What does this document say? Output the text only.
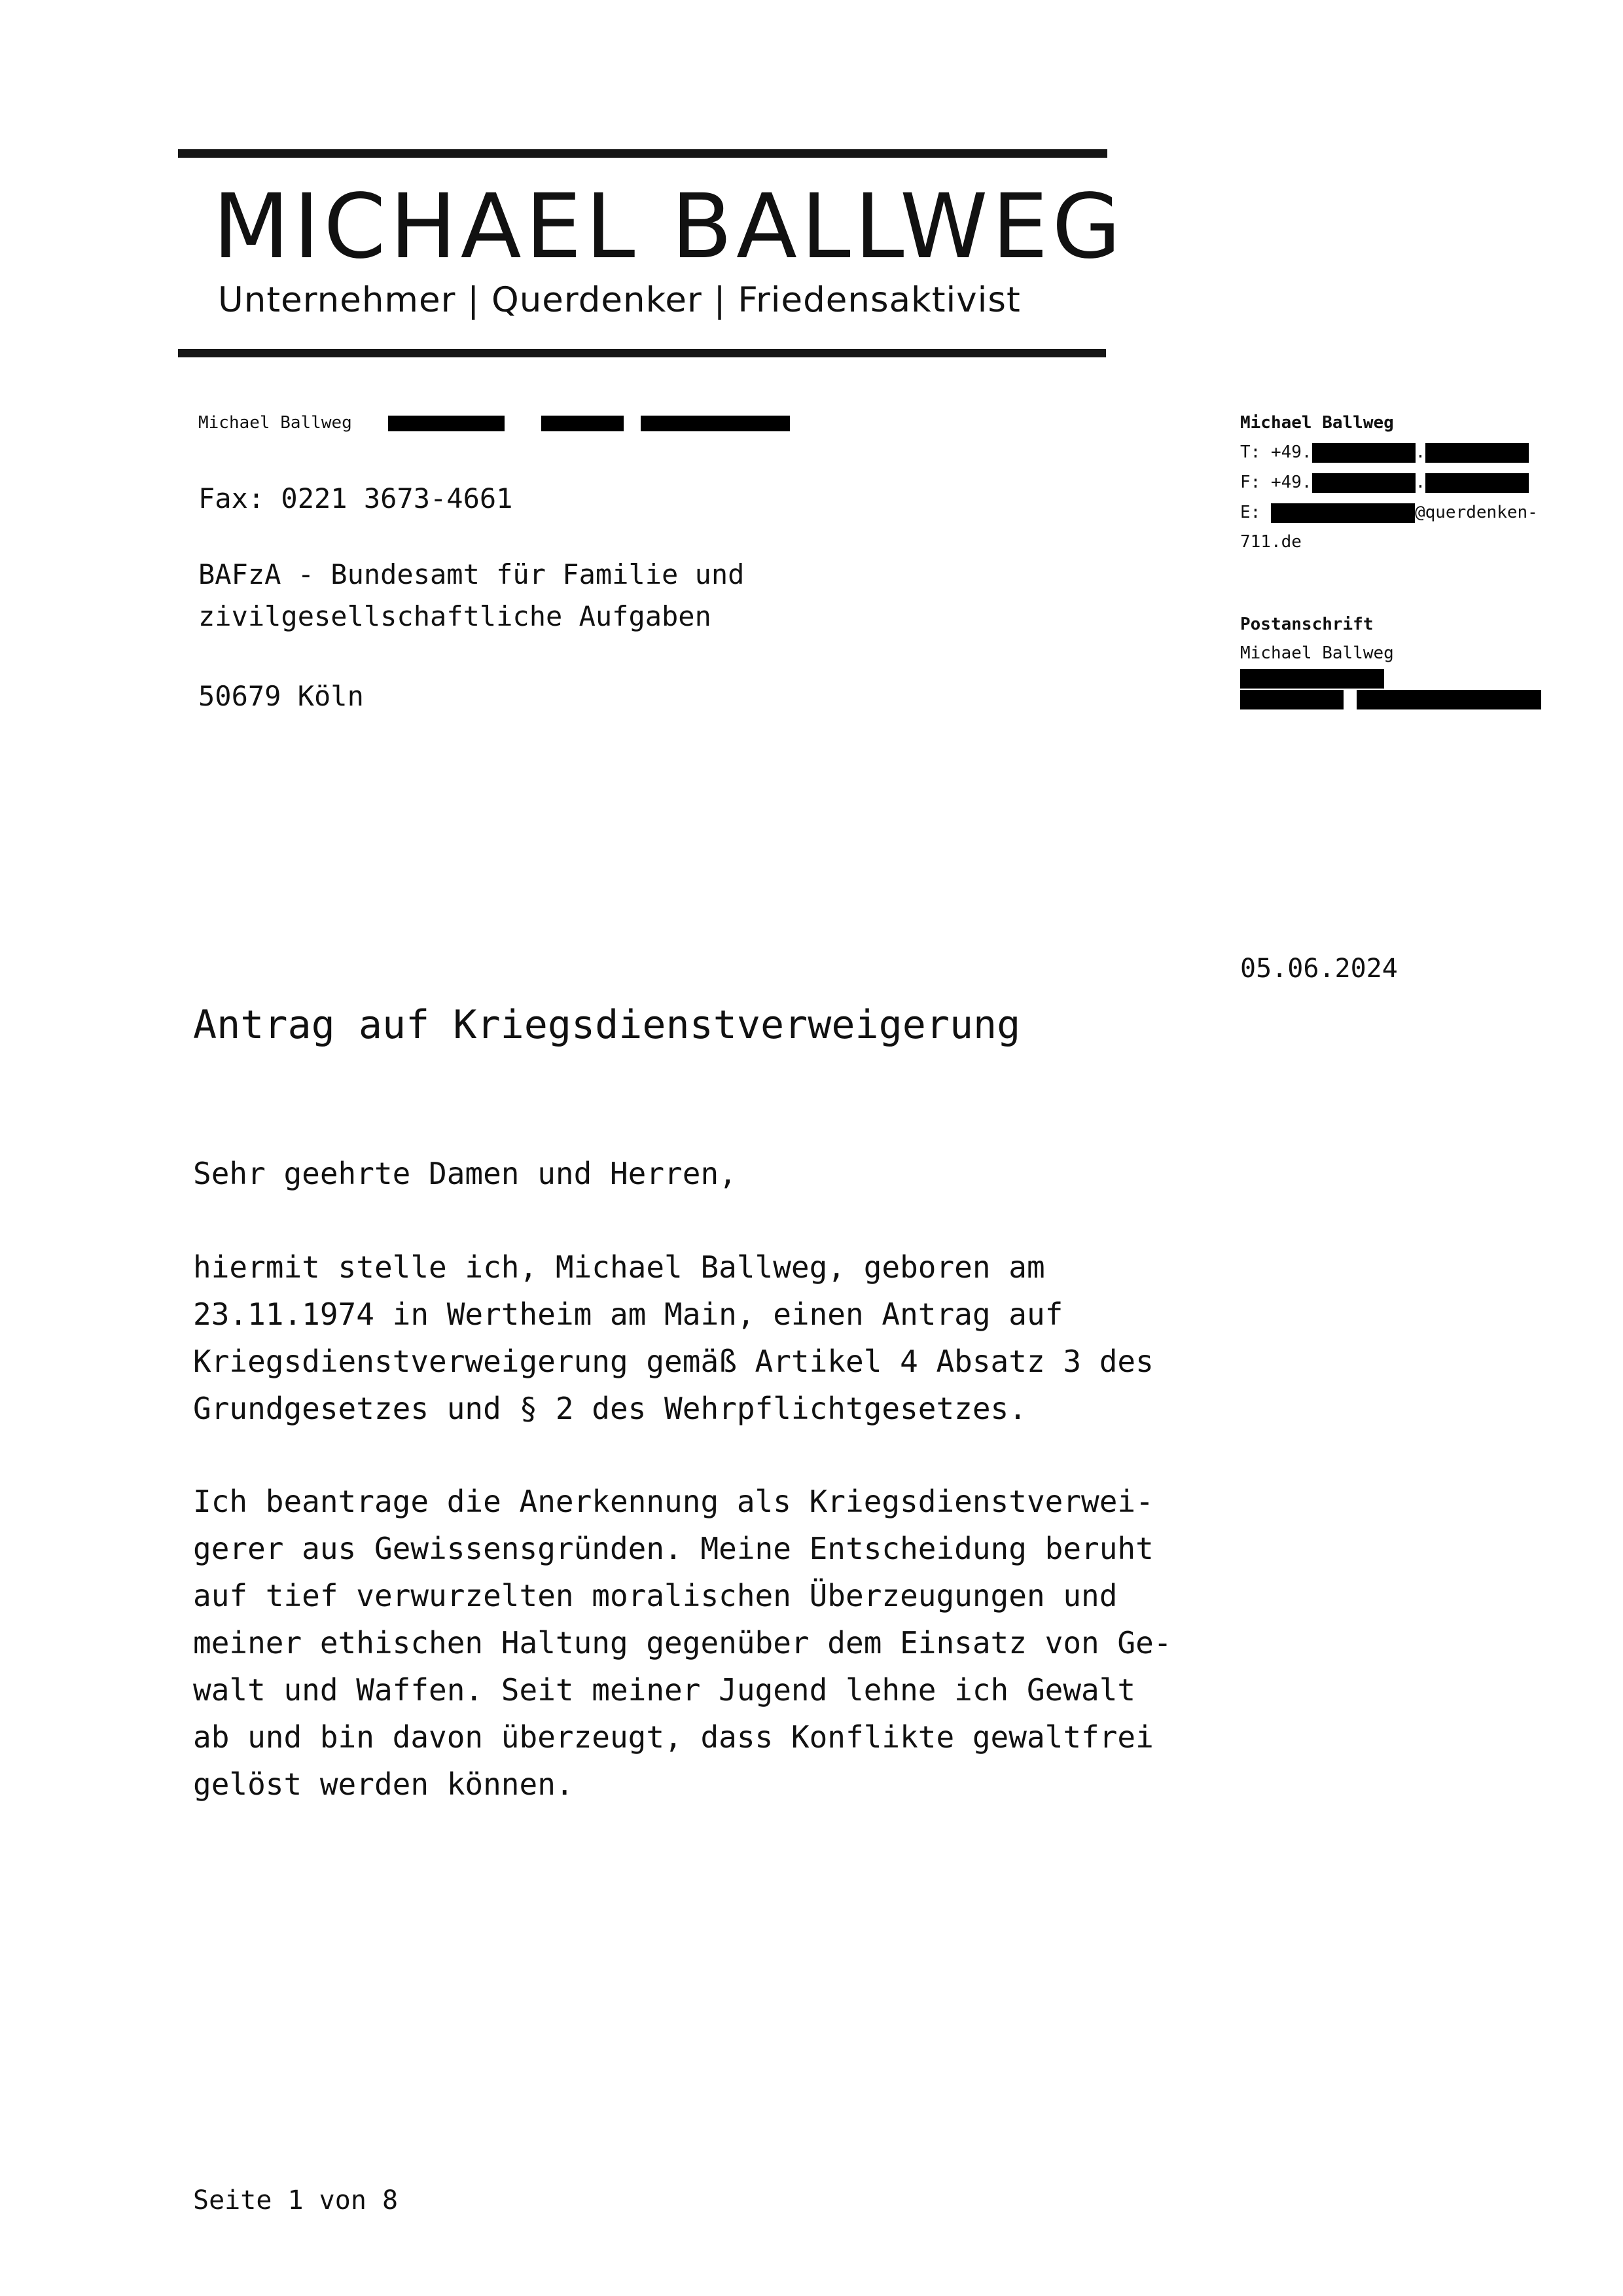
MICHAEL BALLWEG
Unternehmer | Querdenker | Friedensaktivist
Michael Ballweg
Fax: 0221 3673-4661
BAFzA - Bundesamt für Familie und
zivilgesellschaftliche Aufgaben
50679 Köln
Michael Ballweg
T: +49.	.
F: +49.	.
E:	@querdenken-
711.de
Postanschrift
Michael Ballweg
05.06.2024
Antrag auf Kriegsdienstverweigerung
Sehr geehrte Damen und Herren,
hiermit stelle ich, Michael Ballweg, geboren am
23.11.1974 in Wertheim am Main, einen Antrag auf
Kriegsdienstverweigerung gemäß Artikel 4 Absatz 3 des
Grundgesetzes und § 2 des Wehrpflichtgesetzes.
Ich beantrage die Anerkennung als Kriegsdienstverwei-
gerer aus Gewissensgründen. Meine Entscheidung beruht
auf tief verwurzelten moralischen Überzeugungen und
meiner ethischen Haltung gegenüber dem Einsatz von Ge-
walt und Waffen. Seit meiner Jugend lehne ich Gewalt
ab und bin davon überzeugt, dass Konflikte gewaltfrei
gelöst werden können.
Seite 1 von 8
